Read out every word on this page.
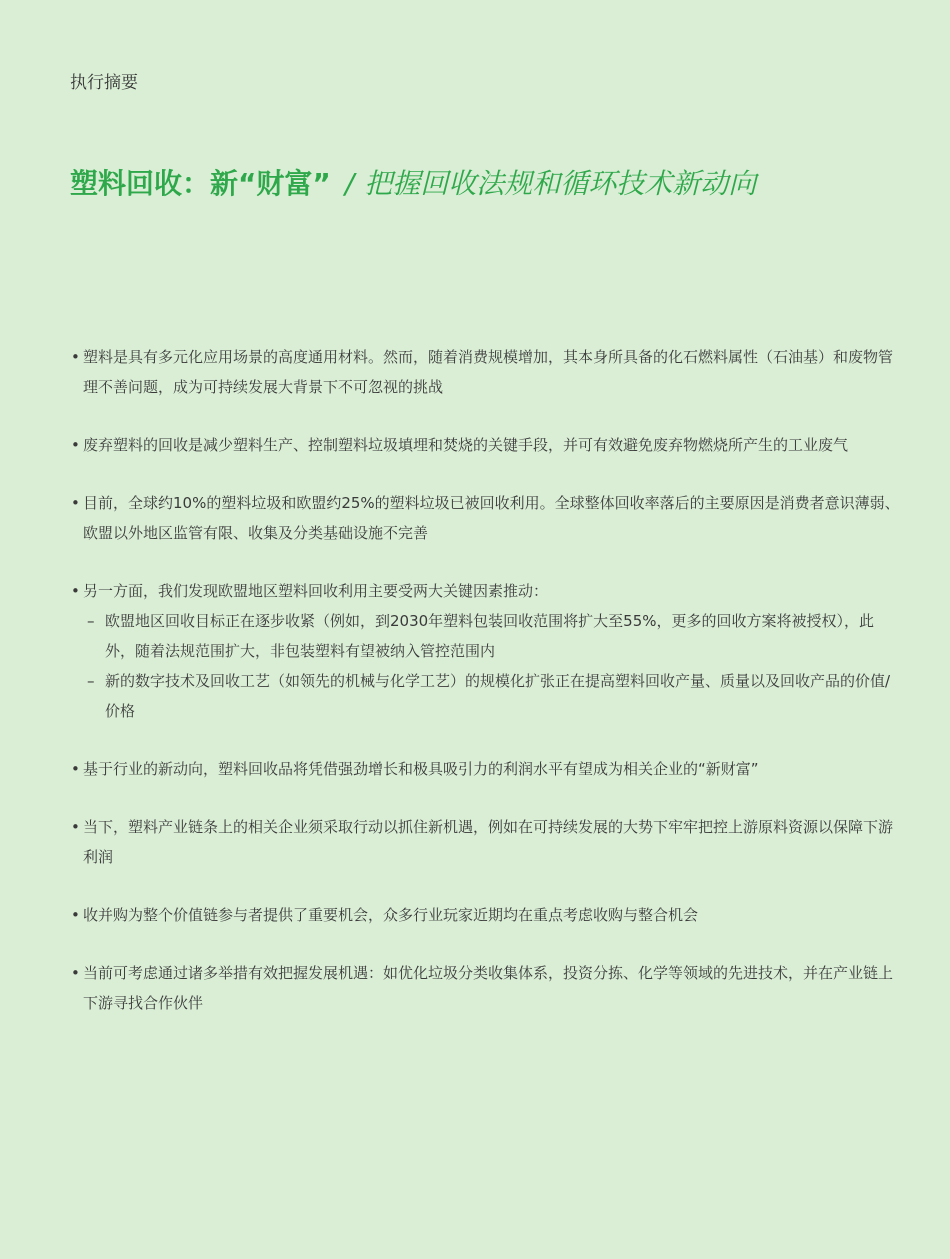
执行摘要
塑料回收：新“财富” / 把握回收法规和循环技术新动向
• 塑料是具有多元化应用场景的高度通用材料。然而，随着消费规模增加，其本身所具备的化石燃料属性（石油基）和废物管理不善问题，成为可持续发展大背景下不可忽视的挑战
• 废弃塑料的回收是减少塑料生产、控制塑料垃圾填埋和焚烧的关键手段，并可有效避免废弃物燃烧所产生的工业废气
• 目前，全球约10%的塑料垃圾和欧盟约25%的塑料垃圾已被回收利用。全球整体回收率落后的主要原因是消费者意识薄弱、欧盟以外地区监管有限、收集及分类基础设施不完善
• 另一方面，我们发现欧盟地区塑料回收利用主要受两大关键因素推动：
– 欧盟地区回收目标正在逐步收紧（例如，到2030年塑料包装回收范围将扩大至55%，更多的回收方案将被授权），此外，随着法规范围扩大，非包装塑料有望被纳入管控范围内
– 新的数字技术及回收工艺（如领先的机械与化学工艺）的规模化扩张正在提高塑料回收产量、质量以及回收产品的价值/价格
• 基于行业的新动向，塑料回收品将凭借强劲增长和极具吸引力的利润水平有望成为相关企业的“新财富”
• 当下，塑料产业链条上的相关企业须采取行动以抓住新机遇，例如在可持续发展的大势下牢牢把控上游原料资源以保障下游利润
• 收并购为整个价值链参与者提供了重要机会，众多行业玩家近期均在重点考虑收购与整合机会
• 当前可考虑通过诸多举措有效把握发展机遇：如优化垃圾分类收集体系，投资分拣、化学等领域的先进技术，并在产业链上下游寻找合作伙伴
